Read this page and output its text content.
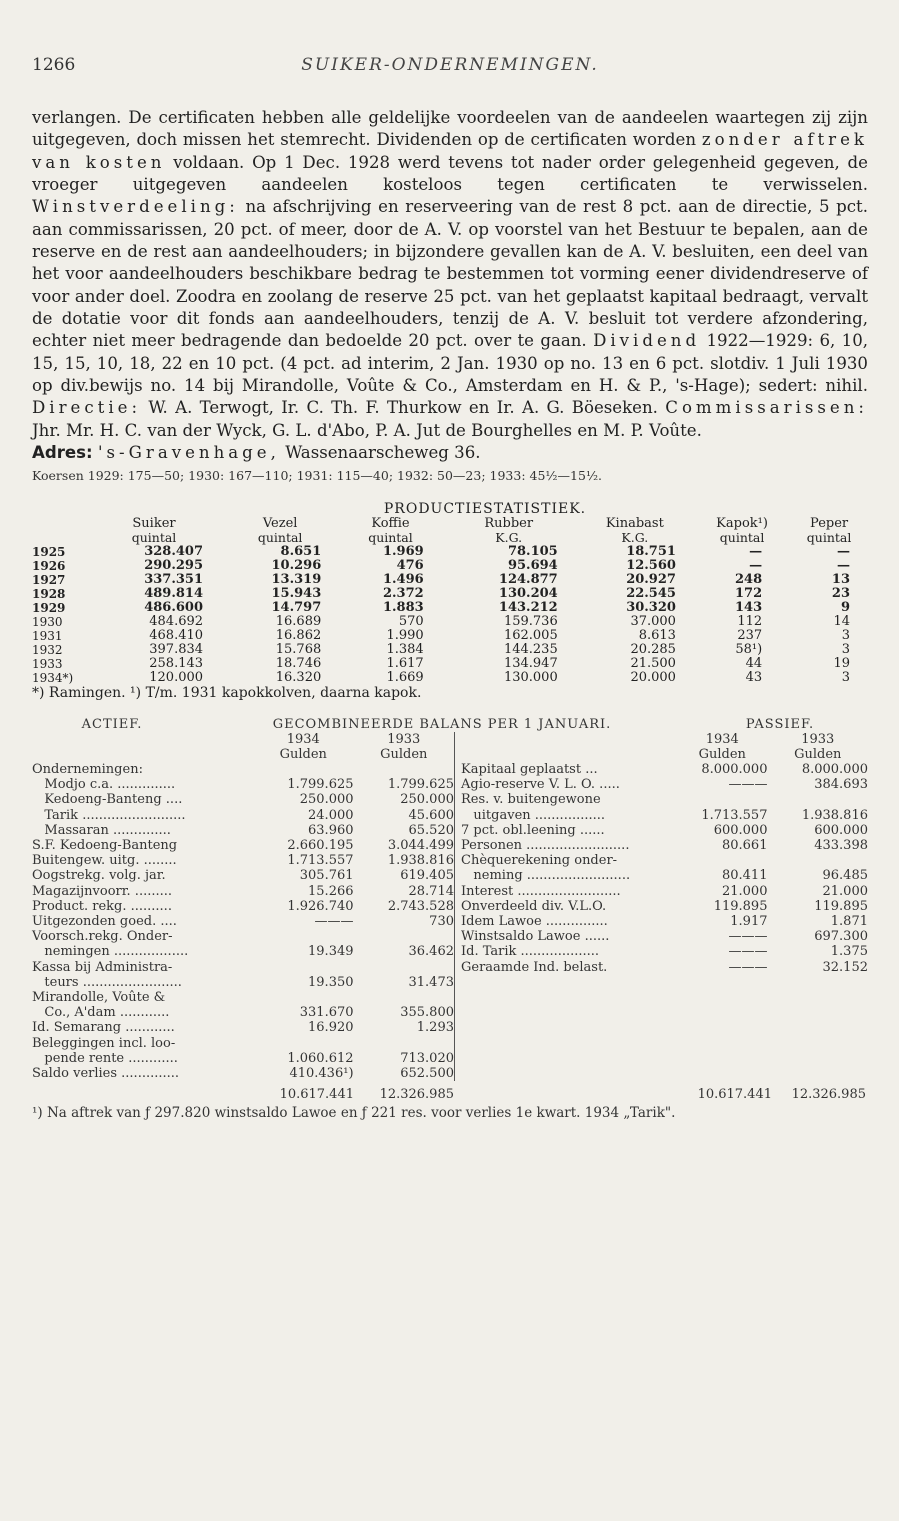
1266	SUIKER-ONDERNEMINGEN.

verlangen. De certificaten hebben alle geldelijke voordeelen van de aandeelen waartegen zij zijn uitgegeven, doch missen het stemrecht. Dividenden op de certificaten worden zonder aftrek van kosten voldaan. Op 1 Dec. 1928 werd tevens tot nader order gelegenheid gegeven, de vroeger uitgegeven aandeelen kosteloos tegen certificaten te verwisselen. Winstverdeeling: na afschrijving en reserveering van de rest 8 pct. aan de directie, 5 pct. aan commissarissen, 20 pct. of meer, door de A. V. op voorstel van het Bestuur te bepalen, aan de reserve en de rest aan aandeelhouders; in bijzondere gevallen kan de A. V. besluiten, een deel van het voor aandeelhouders beschikbare bedrag te bestemmen tot vorming eener dividendreserve of voor ander doel. Zoodra en zoolang de reserve 25 pct. van het geplaatst kapitaal bedraagt, vervalt de dotatie voor dit fonds aan aandeelhouders, tenzij de A. V. besluit tot verdere afzondering, echter niet meer bedragende dan bedoelde 20 pct. over te gaan. Dividend 1922—1929: 6, 10, 15, 15, 10, 18, 22 en 10 pct. (4 pct. ad interim, 2 Jan. 1930 op no. 13 en 6 pct. slotdiv. 1 Juli 1930 op div.bewijs no. 14 bij Mirandolle, Voûte & Co., Amsterdam en H. & P., 's-Hage); sedert: nihil. Directie: W. A. Terwogt, Ir. C. Th. F. Thurkow en Ir. A. G. Böeseken. Commissarissen: Jhr. Mr. H. C. van der Wyck, G. L. d'Abo, P. A. Jut de Bourghelles en M. P. Voûte.

Adres: 's-Gravenhage, Wassenaarscheweg 36.

Koersen 1929: 175—50; 1930: 167—110; 1931: 115—40; 1932: 50—23; 1933: 45½—15½.
PRODUCTIESTATISTIEK.
	Suiker	Vezel	Koffie	Rubber	Kinabast	Kapok¹)	Peper
	quintal	quintal	quintal	K.G.	K.G.	quintal	quintal
1925	328.407	8.651	1.969	78.105	18.751	—	—
1926	290.295	10.296	476	95.694	12.560	—	—
1927	337.351	13.319	1.496	124.877	20.927	248	13
1928	489.814	15.943	2.372	130.204	22.545	172	23
1929	486.600	14.797	1.883	143.212	30.320	143	9
1930	484.692	16.689	570	159.736	37.000	112	14
1931	468.410	16.862	1.990	162.005	8.613	237	3
1932	397.834	15.768	1.384	144.235	20.285	58¹)	3
1933	258.143	18.746	1.617	134.947	21.500	44	19
1934*)	120.000	16.320	1.669	130.000	20.000	43	3
*) Ramingen. ¹) T/m. 1931 kapokkolven, daarna kapok.
ACTIEF.	GECOMBINEERDE BALANS PER 1 JANUARI.	PASSIEF.
	1934	1933
	Gulden	Gulden
Ondernemingen:		
Modjo c.a. ..............	1.799.625	1.799.625
Kedoeng-Banteng ....	250.000	250.000
Tarik .........................	24.000	45.600
Massaran ..............	63.960	65.520
S.F. Kedoeng-Banteng	2.660.195	3.044.499
Buitengew. uitg. ........	1.713.557	1.938.816
Oogstrekg. volg. jar.	305.761	619.405
Magazijnvoorr. .........	15.266	28.714
Product. rekg. ..........	1.926.740	2.743.528
Uitgezonden goed. ....	———	730
Voorsch.rekg. Onder-		
nemingen ..................	19.349	36.462
Kassa bij Administra-		
teurs ........................	19.350	31.473
Mirandolle, Voûte &		
Co., A'dam ............	331.670	355.800
Id. Semarang ............	16.920	1.293
Beleggingen incl. loo-		
pende rente ............	1.060.612	713.020
Saldo verlies ..............	410.436¹)	652.500
	1934	1933
	Gulden	Gulden
Kapitaal geplaatst ...	8.000.000	8.000.000
Agio-reserve V. L. O. .....	———	384.693
Res. v. buitengewone		
uitgaven .................	1.713.557	1.938.816
7 pct. obl.leening ......	600.000	600.000
Personen .........................	80.661	433.398
Chèquerekening onder-		
neming .........................	80.411	96.485
Interest .........................	21.000	21.000
Onverdeeld div. V.L.O.	119.895	119.895
Idem Lawoe ...............	1.917	1.871
Winstsaldo Lawoe ......	———	697.300
Id. Tarik ...................	———	1.375
Geraamde Ind. belast.	———	32.152
10.617.441	12.326.985	10.617.441	12.326.985
¹) Na aftrek van ƒ 297.820 winstsaldo Lawoe en ƒ 221 res. voor verlies 1e kwart. 1934 „Tarik".
